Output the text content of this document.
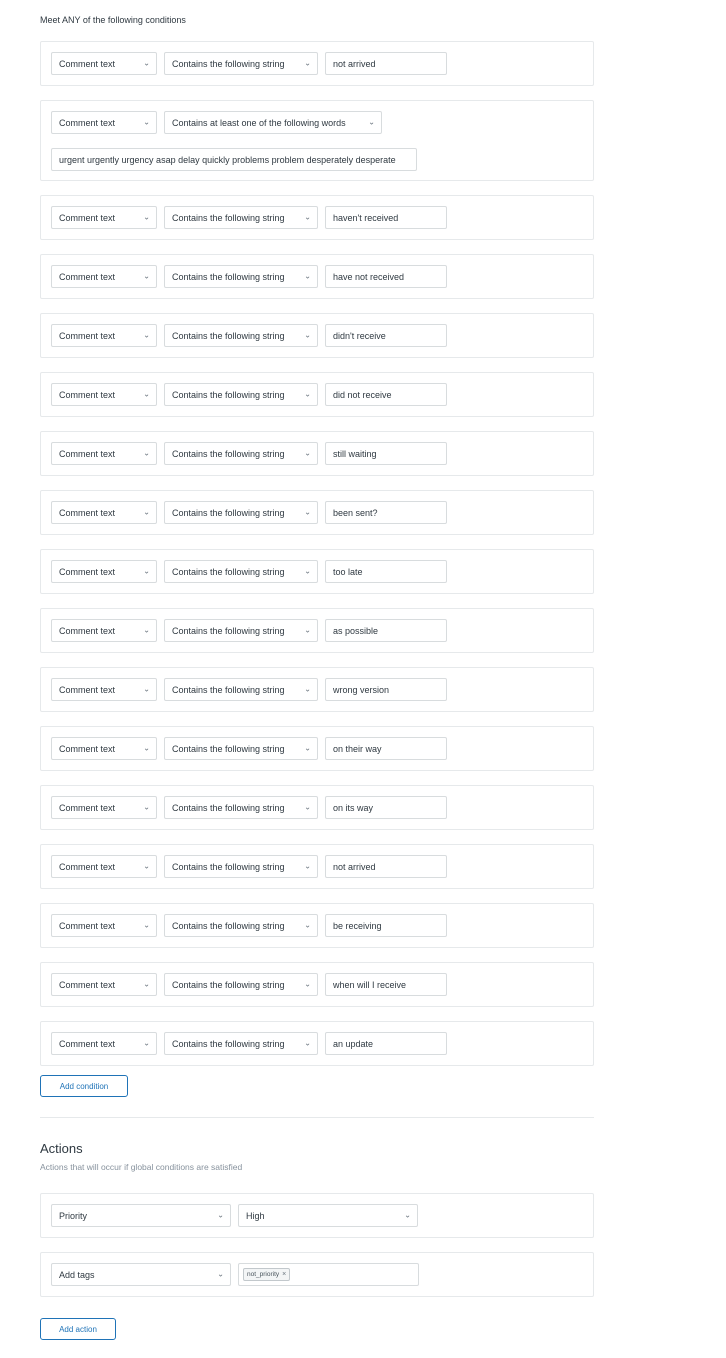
Meet ANY of the following conditions
Comment text	⌄ Contains the following string ⌄	not arrived
Comment text	⌄ Contains at least one of the following words	⌄
urgent urgently urgency asap delay quickly problems problem desperately desperate
Comment text	⌄ Contains the following string ⌄	haven't received
Comment text	⌄ Contains the following string ⌄	have not received
Comment text	⌄ Contains the following string ⌄	didn't receive
Comment text	⌄ Contains the following string ⌄	did not receive
Comment text	⌄ Contains the following string ⌄	still waiting
Comment text	⌄ Contains the following string ⌄	been sent?
Comment text	⌄ Contains the following string ⌄	too late
Comment text	⌄ Contains the following string ⌄	as possible
Comment text	⌄ Contains the following string ⌄	wrong version
Comment text	⌄ Contains the following string ⌄	on their way
Comment text	⌄ Contains the following string ⌄	on its way
Comment text	⌄ Contains the following string ⌄	not arrived
Comment text	⌄ Contains the following string ⌄	be receiving
Comment text	⌄ Contains the following string ⌄	when will I receive
Comment text	⌄ Contains the following string ⌄	an update
Add condition
Actions
Actions that will occur if global conditions are satisfied
Priority	⌄ High	⌄
Add tags	⌄	not_priority ×
Add action
